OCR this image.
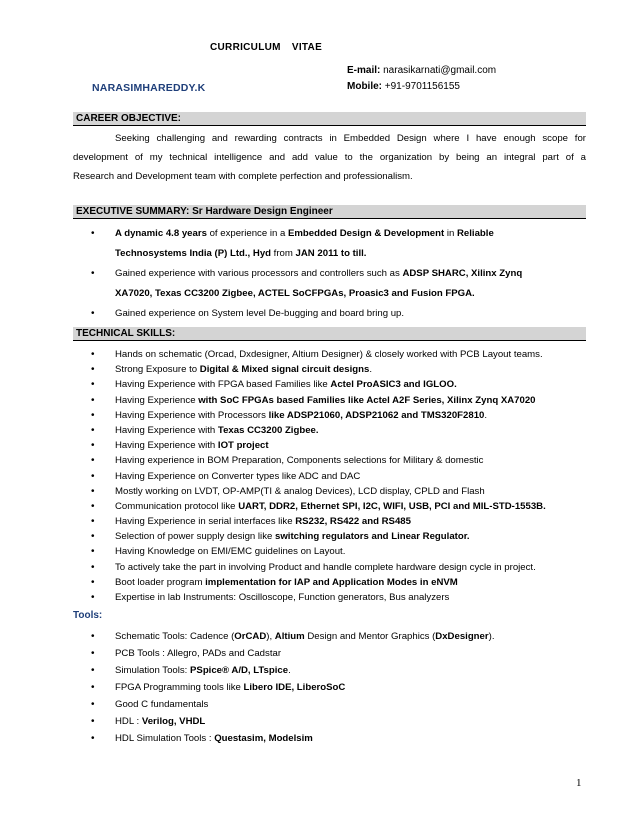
CURRICULUM VITAE
NARASIMHAREDDY.K
E-mail: narasikarnati@gmail.com
Mobile: +91-9701156155
CAREER OBJECTIVE:
Seeking challenging and rewarding contracts in Embedded Design where I have enough scope for
development of my technical intelligence and add value to the organization by being an integral part of a
Research and Development team with complete perfection and professionalism.
EXECUTIVE SUMMARY: Sr Hardware Design Engineer
• A dynamic 4.8 years of experience in a Embedded Design & Development in Reliable
Technosystems India (P) Ltd., Hyd from JAN 2011 to till.
• Gained experience with various processors and controllers such as ADSP SHARC, Xilinx Zynq
XA7020, Texas CC3200 Zigbee, ACTEL SoCFPGAs, Proasic3 and Fusion FPGA.
• Gained experience on System level De-bugging and board bring up.
TECHNICAL SKILLS:
• Hands on schematic (Orcad, Dxdesigner, Altium Designer) & closely worked with PCB Layout teams.
• Strong Exposure to Digital & Mixed signal circuit designs.
• Having Experience with FPGA based Families like Actel ProASIC3 and IGLOO.
• Having Experience with SoC FPGAs based Families like Actel A2F Series, Xilinx Zynq XA7020
• Having Experience with Processors like ADSP21060, ADSP21062 and TMS320F2810.
• Having Experience with Texas CC3200 Zigbee.
• Having Experience with IOT project
• Having experience in BOM Preparation, Components selections for Military & domestic
• Having Experience on Converter types like ADC and DAC
• Mostly working on LVDT, OP-AMP(TI & analog Devices), LCD display, CPLD and Flash
• Communication protocol like UART, DDR2, Ethernet SPI, I2C, WIFI, USB, PCI and MIL-STD-1553B.
• Having Experience in serial interfaces like RS232, RS422 and RS485
• Selection of power supply design like switching regulators and Linear Regulator.
• Having Knowledge on EMI/EMC guidelines on Layout.
• To actively take the part in involving Product and handle complete hardware design cycle in project.
• Boot loader program implementation for IAP and Application Modes in eNVM
• Expertise in lab Instruments: Oscilloscope, Function generators, Bus analyzers
Tools:
• Schematic Tools: Cadence (OrCAD), Altium Design and Mentor Graphics (DxDesigner).
• PCB Tools : Allegro, PADs and Cadstar
• Simulation Tools: PSpice® A/D, LTspice.
• FPGA Programming tools like Libero IDE, LiberoSoC
• Good C fundamentals
• HDL : Verilog, VHDL
• HDL Simulation Tools : Questasim, Modelsim
1
